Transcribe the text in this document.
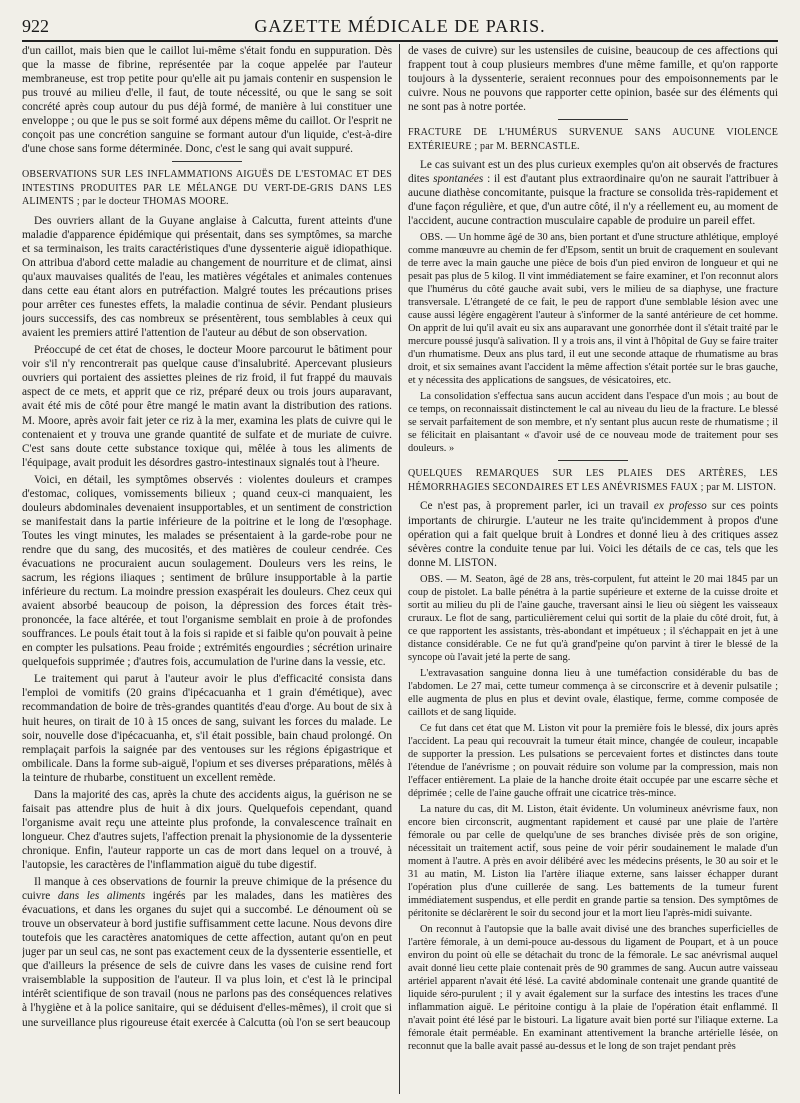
922	GAZETTE MÉDICALE DE PARIS.

d'un caillot, mais bien que le caillot lui-même s'était fondu en suppuration. Dès que la masse de fibrine, représentée par la coque appelée par l'auteur membraneuse, est trop petite pour qu'elle ait pu jamais contenir en suspension le pus trouvé au milieu d'elle, il faut, de toute nécessité, ou que le sang se soit concrété après coup autour du pus déjà formé, de manière à lui constituer une enveloppe ; ou que le pus se soit formé aux dépens même du caillot. Or l'esprit ne conçoit pas une concrétion sanguine se formant autour d'un liquide, c'est-à-dire d'une chose sans forme déterminée. Donc, c'est le sang qui avait suppuré.

OBSERVATIONS SUR LES INFLAMMATIONS AIGUËS DE L'ESTOMAC ET DES INTESTINS PRODUITES PAR LE MÉLANGE DU VERT-DE-GRIS DANS LES ALIMENTS ; par le docteur THOMAS MOORE.

Des ouvriers allant de la Guyane anglaise à Calcutta, furent atteints d'une maladie d'apparence épidémique qui présentait, dans ses symptômes, sa marche et sa terminaison, les traits caractéristiques d'une dyssenterie aiguë idiopathique. On attribua d'abord cette maladie au changement de nourriture et de climat, ainsi qu'aux mauvaises qualités de l'eau, les matières végétales et animales contenues dans cette eau étant alors en putréfaction. Malgré toutes les précautions prises pour arrêter ces funestes effets, la maladie continua de sévir. Pendant plusieurs jours successifs, des cas nombreux se présentèrent, tous semblables à ceux qui avaient les premiers attiré l'attention de l'auteur au début de son observation.

Préoccupé de cet état de choses, le docteur Moore parcourut le bâtiment pour voir s'il n'y rencontrerait pas quelque cause d'insalubrité. Apercevant plusieurs ouvriers qui portaient des assiettes pleines de riz froid, il fut frappé du mauvais aspect de ce mets, et apprit que ce riz, préparé deux ou trois jours auparavant, avait été mis de côté pour être mangé le matin avant la distribution des rations. M. Moore, après avoir fait jeter ce riz à la mer, examina les plats de cuivre qui le contenaient et y trouva une grande quantité de sulfate et de muriate de cuivre. C'est sans doute cette substance toxique qui, mêlée à tous les aliments de l'équipage, avait produit les désordres gastro-intestinaux signalés tout à l'heure.

Voici, en détail, les symptômes observés : violentes douleurs et crampes d'estomac, coliques, vomissements bilieux ; quand ceux-ci manquaient, les douleurs abdominales devenaient insupportables, et un sentiment de constriction se manifestait dans la partie inférieure de la poitrine et le long de l'œsophage. Toutes les vingt minutes, les malades se présentaient à la garde-robe pour ne rendre que du sang, des mucosités, et des matières de couleur cendrée. Ces évacuations ne procuraient aucun soulagement. Douleurs vers les reins, le sacrum, les régions iliaques ; sentiment de brûlure insupportable à la partie inférieure du rectum. La moindre pression exaspérait les douleurs. Chez ceux qui avaient absorbé beaucoup de poison, la dépression des forces était très-prononcée, la face altérée, et tout l'organisme semblait en proie à de profondes souffrances. Le pouls était tout à la fois si rapide et si faible qu'on pouvait à peine en compter les pulsations. Peau froide ; extrémités engourdies ; sécrétion urinaire quelquefois supprimée ; d'autres fois, accumulation de l'urine dans la vessie, etc.

Le traitement qui parut à l'auteur avoir le plus d'efficacité consista dans l'emploi de vomitifs (20 grains d'ipécacuanha et 1 grain d'émétique), avec recommandation de boire de très-grandes quantités d'eau d'orge. Au bout de six à huit heures, on tirait de 10 à 15 onces de sang, suivant les forces du malade. Le soir, nouvelle dose d'ipécacuanha, et, s'il était possible, bain chaud prolongé. On remplaçait parfois la saignée par des ventouses sur les régions épigastrique et ombilicale. Dans la forme sub-aiguë, l'opium et ses diverses préparations, mêlés à la teinture de rhubarbe, constituent un excellent remède.

Dans la majorité des cas, après la chute des accidents aigus, la guérison ne se faisait pas attendre plus de huit à dix jours. Quelquefois cependant, quand l'organisme avait reçu une atteinte plus profonde, la convalescence traînait en longueur. Chez d'autres sujets, l'affection prenait la physionomie de la dyssenterie chronique. Enfin, l'auteur rapporte un cas de mort dans lequel on a trouvé, à l'autopsie, les caractères de l'inflammation aiguë du tube digestif.

Il manque à ces observations de fournir la preuve chimique de la présence du cuivre dans les aliments ingérés par les malades, dans les matières des évacuations, et dans les organes du sujet qui a succombé. Le dénoument où se trouve un observateur à bord justifie suffisamment cette lacune. Nous devons dire toutefois que les caractères anatomiques de cette affection, autant qu'on en peut juger par un seul cas, ne sont pas exactement ceux de la dyssenterie essentielle, et que d'ailleurs la présence de sels de cuivre dans les vases de cuisine rend fort vraisemblable la supposition de l'auteur. Il va plus loin, et c'est là le principal intérêt scientifique de son travail (nous ne parlons pas des conséquences relatives à l'hygiène et à la police sanitaire, qui se déduisent d'elles-mêmes), il croit que si une surveillance plus rigoureuse était exercée à Calcutta (où l'on se sert beaucoup

de vases de cuivre) sur les ustensiles de cuisine, beaucoup de ces affections qui frappent tout à coup plusieurs membres d'une même famille, et qu'on rapporte toujours à la dyssenterie, seraient reconnues pour des empoisonnements par le cuivre. Nous ne pouvons que rapporter cette opinion, basée sur des éléments qui ne sont pas à notre portée.

FRACTURE DE L'HUMÉRUS SURVENUE SANS AUCUNE VIOLENCE EXTÉRIEURE ; par M. BERNCASTLE.

Le cas suivant est un des plus curieux exemples qu'on ait observés de fractures dites spontanées : il est d'autant plus extraordinaire qu'on ne saurait l'attribuer à aucune diathèse concomitante, puisque la fracture se consolida très-rapidement et d'une façon régulière, et que, d'un autre côté, il n'y a réellement eu, au moment de l'accident, aucune contraction musculaire capable de produire un pareil effet.

OBS. — Un homme âgé de 30 ans, bien portant et d'une structure athlétique, employé comme manœuvre au chemin de fer d'Epsom, sentit un bruit de craquement en soulevant de terre avec la main gauche une pièce de bois d'un pied environ de longueur et qui ne pesait pas plus de 5 kilog. Il vint immédiatement se faire examiner, et l'on reconnut alors que l'humérus du côté gauche avait subi, vers le milieu de sa diaphyse, une fracture transversale. L'étrangeté de ce fait, le peu de rapport d'une semblable lésion avec une cause aussi légère engagèrent l'auteur à s'informer de la santé antérieure de cet homme. On apprit de lui qu'il avait eu six ans auparavant une gonorrhée dont il s'était traité par le mercure poussé jusqu'à salivation. Il y a trois ans, il vint à l'hôpital de Guy se faire traiter d'un rhumatisme. Deux ans plus tard, il eut une seconde attaque de rhumatisme au bras droit, et six semaines avant l'accident la même affection s'était portée sur le bras gauche, et y nécessita des applications de sangsues, de vésicatoires, etc.

La consolidation s'effectua sans aucun accident dans l'espace d'un mois ; au bout de ce temps, on reconnaissait distinctement le cal au niveau du lieu de la fracture. Le blessé se servait parfaitement de son membre, et n'y sentant plus aucun reste de rhumatisme ; il se félicitait en plaisantant « d'avoir usé de ce nouveau mode de traitement pour ses douleurs. »

QUELQUES REMARQUES SUR LES PLAIES DES ARTÈRES, LES HÉMORRHAGIES SECONDAIRES ET LES ANÉVRISMES FAUX ; par M. LISTON.

Ce n'est pas, à proprement parler, ici un travail ex professo sur ces points importants de chirurgie. L'auteur ne les traite qu'incidemment à propos d'une opération qui a fait quelque bruit à Londres et donné lieu à des critiques assez sévères contre la conduite tenue par lui. Voici les détails de ce cas, tels que les donne M. LISTON.

OBS. — M. Seaton, âgé de 28 ans, très-corpulent, fut atteint le 20 mai 1845 par un coup de pistolet. La balle pénétra à la partie supérieure et externe de la cuisse droite et sortit au milieu du pli de l'aine gauche, traversant ainsi le lieu où siègent les vaisseaux cruraux. Le flot de sang, particulièrement celui qui sortit de la plaie du côté droit, fut, à ce que rapportent les assistants, très-abondant et impétueux ; il s'échappait en jet à une distance considérable. Ce ne fut qu'à grand'peine qu'on parvint à tirer le blessé de la syncope où l'avait jeté la perte de sang.

L'extravasation sanguine donna lieu à une tuméfaction considérable du bas de l'abdomen. Le 27 mai, cette tumeur commença à se circonscrire et à devenir pulsatile ; elle augmenta de plus en plus et devint ovale, élastique, ferme, comme composée de caillots et de sang liquide.

Ce fut dans cet état que M. Liston vit pour la première fois le blessé, dix jours après l'accident. La peau qui recouvrait la tumeur était mince, changée de couleur, incapable de supporter la pression. Les pulsations se percevaient fortes et distinctes dans toute l'étendue de l'anévrisme ; on pouvait réduire son volume par la compression, mais non l'effacer entièrement. La plaie de la hanche droite était occupée par une escarre sèche et déprimée ; celle de l'aine gauche offrait une cicatrice très-mince.

La nature du cas, dit M. Liston, était évidente. Un volumineux anévrisme faux, non encore bien circonscrit, augmentant rapidement et causé par une plaie de l'artère fémorale ou par celle de quelqu'une de ses branches divisée près de son origine, nécessitait un traitement actif, sous peine de voir périr soudainement le malade d'un moment à l'autre. A près en avoir délibéré avec les médecins présents, le 30 au soir et le 31 au matin, M. Liston lia l'artère iliaque externe, sans laisser échapper durant l'opération plus d'une cuillerée de sang. Les battements de la tumeur furent immédiatement suspendus, et elle perdit en grande partie sa tension. Des symptômes de péritonite se déclarèrent le soir du second jour et la mort lieu l'après-midi suivante.

On reconnut à l'autopsie que la balle avait divisé une des branches superficielles de l'artère fémorale, à un demi-pouce au-dessous du ligament de Poupart, et à un pouce environ du point où elle se détachait du tronc de la fémorale. Le sac anévrismal auquel avait donné lieu cette plaie contenait près de 90 grammes de sang. Aucun autre vaisseau artériel apparent n'avait été lésé. La cavité abdominale contenait une grande quantité de liquide séro-purulent ; il y avait également sur la surface des intestins les traces d'une inflammation aiguë. Le péritoine contigu à la plaie de l'opération était enflammé. Il n'avait point été lésé par le bistouri. La ligature avait bien porté sur l'iliaque externe. La fémorale était perméable. En examinant attentivement la branche artérielle lésée, on reconnut que la balle avait passé au-dessus et le long de son trajet pendant près
